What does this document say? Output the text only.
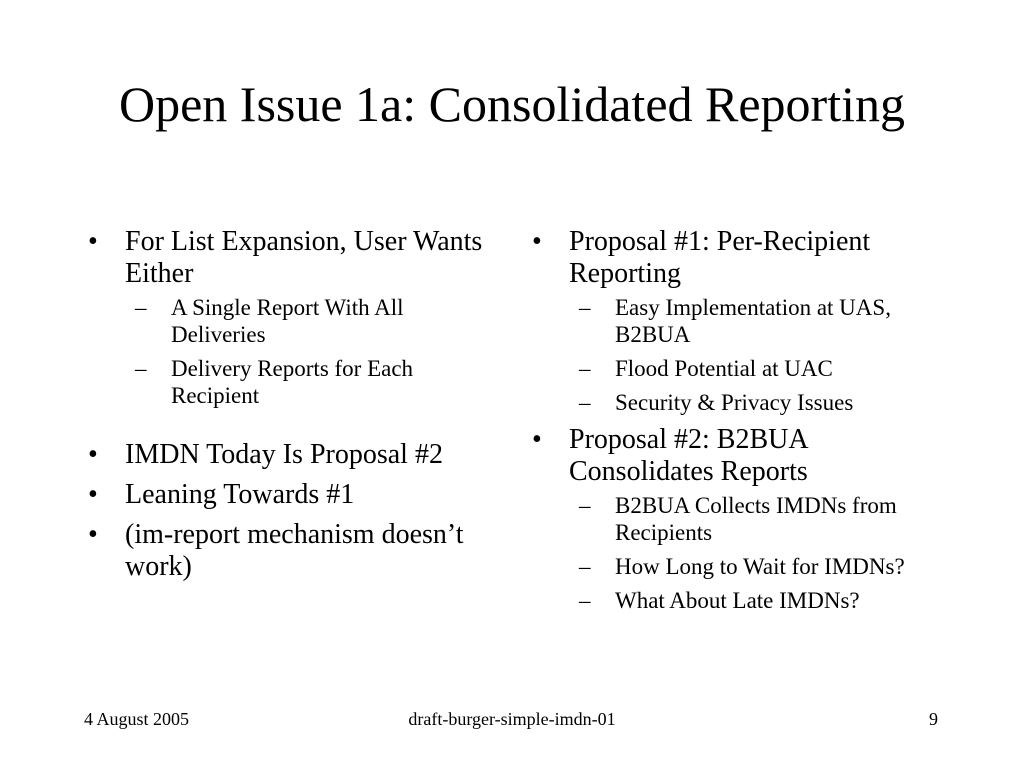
Open Issue 1a: Consolidated Reporting
• For List Expansion, User Wants Either
– A Single Report With All Deliveries
– Delivery Reports for Each Recipient
• IMDN Today Is Proposal #2
• Leaning Towards #1
• (im-report mechanism doesn’t work)
• Proposal #1: Per-Recipient Reporting
– Easy Implementation at UAS, B2BUA
– Flood Potential at UAC
– Security & Privacy Issues
• Proposal #2: B2BUA Consolidates Reports
– B2BUA Collects IMDNs from Recipients
– How Long to Wait for IMDNs?
– What About Late IMDNs?
4 August 2005	draft-burger-simple-imdn-01	9
